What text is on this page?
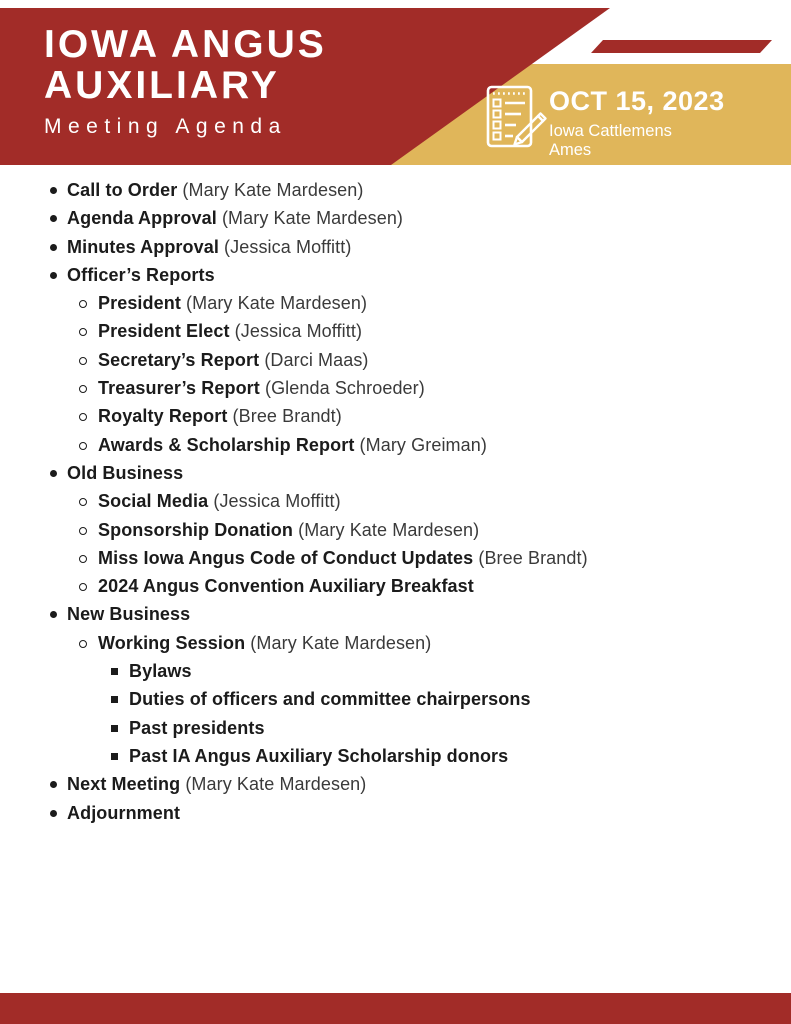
IOWA ANGUS
AUXILIARY
Meeting Agenda
OCT 15, 2023
Iowa Cattlemens
Ames
Call to Order (Mary Kate Mardesen)
Agenda Approval (Mary Kate Mardesen)
Minutes Approval (Jessica Moffitt)
Officer’s Reports
President (Mary Kate Mardesen)
President Elect (Jessica Moffitt)
Secretary’s Report (Darci Maas)
Treasurer’s Report (Glenda Schroeder)
Royalty Report (Bree Brandt)
Awards & Scholarship Report (Mary Greiman)
Old Business
Social Media (Jessica Moffitt)
Sponsorship Donation (Mary Kate Mardesen)
Miss Iowa Angus Code of Conduct Updates (Bree Brandt)
2024 Angus Convention Auxiliary Breakfast
New Business
Working Session (Mary Kate Mardesen)
Bylaws
Duties of officers and committee chairpersons
Past presidents
Past IA Angus Auxiliary Scholarship donors
Next Meeting (Mary Kate Mardesen)
Adjournment
